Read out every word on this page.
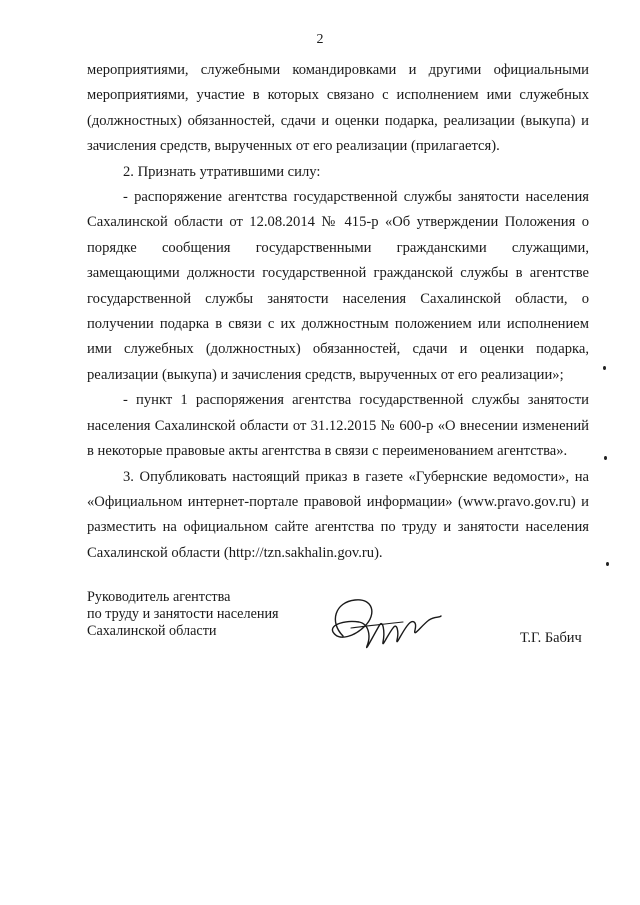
2

мероприятиями, служебными командировками и другими официальными мероприятиями, участие в которых связано с исполнением ими служебных (должностных) обязанностей, сдачи и оценки подарка, реализации (выкупа) и зачисления средств, вырученных от его реализации (прилагается).

2. Признать утратившими силу:

- распоряжение агентства государственной службы занятости населения Сахалинской области от 12.08.2014 № 415-р «Об утверждении Положения о порядке сообщения государственными гражданскими служащими, замещающими должности государственной гражданской службы в агентстве государственной службы занятости населения Сахалинской области, о получении подарка в связи с их должностным положением или исполнением ими служебных (должностных) обязанностей, сдачи и оценки подарка, реализации (выкупа) и зачисления средств, вырученных от его реализации»;

- пункт 1 распоряжения агентства государственной службы занятости населения Сахалинской области от 31.12.2015 № 600-р «О внесении изменений в некоторые правовые акты агентства в связи с переименованием агентства».

3. Опубликовать настоящий приказ в газете «Губернские ведомости», на «Официальном интернет-портале правовой информации» (www.pravo.gov.ru) и разместить на официальном сайте агентства по труду и занятости населения Сахалинской области (http://tzn.sakhalin.gov.ru).

Руководитель агентства
по труду и занятости населения
Сахалинской области	Т.Г. Бабич
